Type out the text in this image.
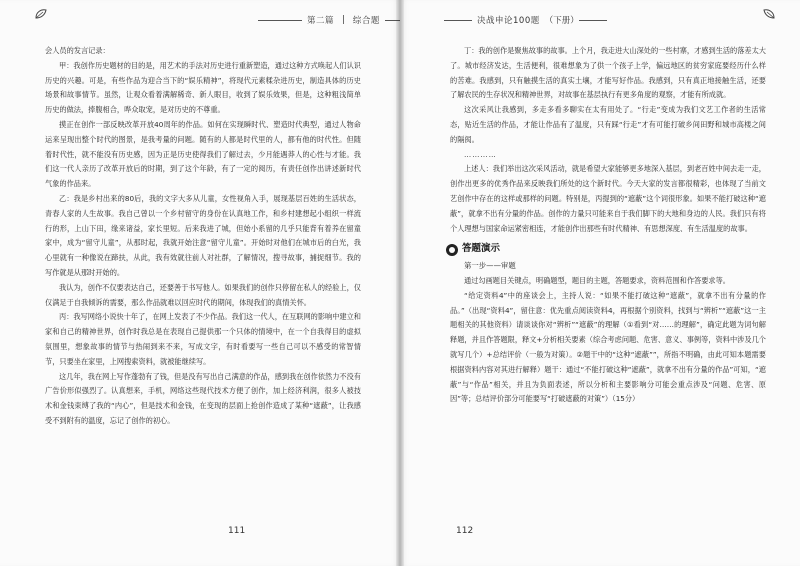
第二篇 | 综合题

会人员的发言记录：

甲：我创作历史题材的目的是，用艺术的手法对历史进行重新塑造，通过这种方式唤起人们认识历史的兴趣。可是，有些作品为迎合当下的“娱乐精神”，将现代元素糅杂进历史，制造具体的历史场景和故事情节。虽然，让观众看着满解稀奇、新人眼目，收到了娱乐效果，但是，这种粗浅简单历史的做法，捧腹相合，哗众取宠，是对历史的不尊重。

摸正在创作一部反映改革开放40周年的作品。如何在实现瞬时代、塑造时代典型，通过人物命运来呈现出整个时代的图景，是我考量的问题。随有的人都是时代里的人，都有他的时代性。但随着时代性，就不能没有历史感，因为正是历史使得我们了解过去，少月能遇莽人的心性与才能。我们这一代人亲历了改革开放后的时期，到了这个年龄，有了一定的阅历，有责任创作出讲述新时代气象的作品来。

乙：我是乡村出来的80后，我的文字大多从儿童，女性视角入手，展现基层百姓的生活状态，青春人家的人生故事。我自己曾以一个乡村留守的身份在认真地工作，和乡村建想起小组织一样流行的形，上山下田，缘来诸益，家长里短。后来我进了城，但始小系留的几乎只能背有着养在留童家中，成为“留守儿童”，从那时起，我就开始注意“留守儿童”。开始时对他们在城市后的白光，我心里就有一种像说在蹄扶，从此，我有效就往前人对社群，了解情况，搜寻故事，捕捉细节。我的写作就是从那时开始的。

我认为，创作不仅要表达自己，还要善于书写他人。如果我们的创作只停留在私人的经验上，仅仅满足于自我倾诉的需要，那么作品就难以回应时代的期间，体现我们的真情关怀。

丙：我写网络小说快十年了，在网上发表了不少作品。我们这一代人，在互联网的影响中建立和家和自己的精神世界，创作时我总是在表现自己提供那一个只体的情境中，在一个自我得目的虚拟氛围里，想象故事的情节与热闹到来不来，写成文字，有时看要写一些自己可以不感受的常智情节，只要坐在家里，上网搜索资料，就被能继续写。

这几年，我在网上写作蓬勃有了钱，但是没有写出自己满意的作品，感到我在创作依然力不没有广告价形似强烈了。认真想来，手机，网络这些现代技术方便了创作，加上经济利润，很多人被技术和金钱束缚了我的“内心”，但是技术和金钱，在变现的层面上抢创作造成了某种“遮蔽”，让我感受不到附有的温度，忘记了创作的初心。

111
决战申论100题 （下册）

丁：我的创作是聚焦故事的故事。上个月，我走进大山深处的一些村寨，才感到生活的落差太大了。城市经济发达，生活便利，很难想象为了供一个孩子上学，偏远地区的贫穷家庭要经历什么样的苦难。我感到，只有触摸生活的真实土壤，才能写好作品。我感到，只有真正地接触生活，还要了解农民的生存状况和精神世界，对故事在基层执行有更多角度的观察，才能有所成就。

这次采风让我感到，多走多看多聊实在太有用处了。“行走”变成为我们文艺工作者的生活常态，贴近生活的作品，才能让作品有了温度，只有踩“行走”才有可能打破乡间田野和城市高楼之间的隔阂。

…………

上述人：我们举出这次采风活动，就是希望大家能够更多地深入基层，到老百姓中间去走一走，创作出更多的优秀作品来反映我们所处的这个新时代。今天大家的发言都很精彩，也体现了当前文艺创作中存在的这样或那样的问题。特别是，丙提到的“遮蔽”这个词很形象。如果不能打破这种“遮蔽”，就拿不出有分量的作品。创作的力量只可能来自于我们脚下的大地和身边的人民。我们只有将个人理想与国家命运紧密相连，才能创作出那些有时代精神、有思想深度、有生活温度的故事。

答题演示

第一步——审题

通过勾画题目关键点，明确题型，题目的主题，答题要求，资料范围和作答要求等。

“给定资料4”中的座谈会上，主持人说：“如果不能打破这种“遮蔽”，就拿不出有分量的作品。”（出现“资料4”，留住意：优先重点阅读资料4，再根据个别资料，找到与“辨析”“遮蔽”这一主题相关的其他资料）请谈谈你对“辨析”“遮蔽”的理解（①看到“对……的理解”，确定此题为词句解释题，并且作答题限，释文+分析相关要素（综合考虑问题、危害、意义、事例等，资料中涉及几个就写几个）+总结评价（一般为对策）。②题干中的“这种“遮蔽””，所指不明确，由此可知本题需要根据资料内容对其进行解释）题干：通过“不能打破这种“遮蔽”，就拿不出有分量的作品”可知，“遮蔽”与“作品”相关，并且为负面表述，所以分析和主要影响分可能会重点涉及“问题、危害、原因”等；总结评价部分可能要写“打破遮蔽的对策”）（15分）

112
